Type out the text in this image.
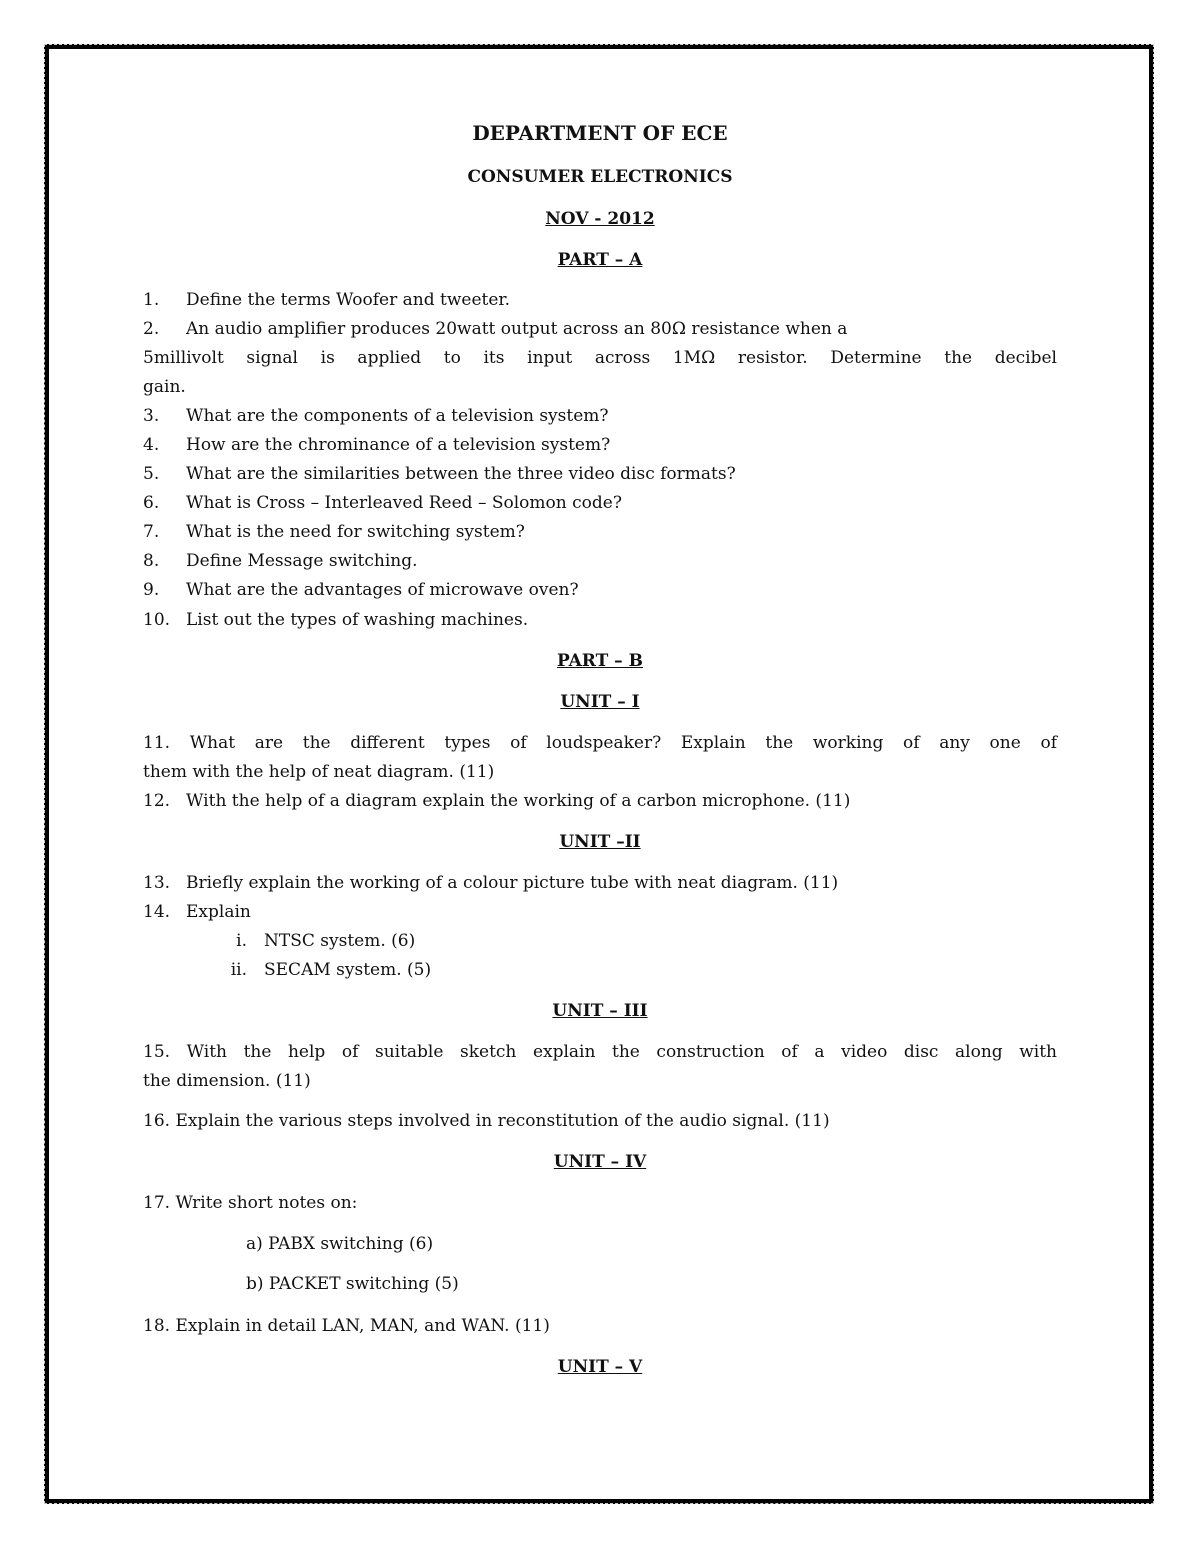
DEPARTMENT OF ECE
CONSUMER ELECTRONICS
NOV - 2012
PART – A
1. Define the terms Woofer and tweeter.
2. An audio amplifier produces 20watt output across an 80Ω resistance when a
5millivolt signal is applied to its input across 1MΩ resistor. Determine the decibel
gain.
3. What are the components of a television system?
4. How are the chrominance of a television system?
5. What are the similarities between the three video disc formats?
6. What is Cross – Interleaved Reed – Solomon code?
7. What is the need for switching system?
8. Define Message switching.
9. What are the advantages of microwave oven?
10. List out the types of washing machines.
PART – B
UNIT – I
11. What are the different types of loudspeaker? Explain the working of any one of
them with the help of neat diagram. (11)
12. With the help of a diagram explain the working of a carbon microphone. (11)
UNIT –II
13. Briefly explain the working of a colour picture tube with neat diagram. (11)
14. Explain
i. NTSC system. (6)
ii. SECAM system. (5)
UNIT – III
15. With the help of suitable sketch explain the construction of a video disc along with
the dimension. (11)
16. Explain the various steps involved in reconstitution of the audio signal. (11)
UNIT – IV
17. Write short notes on:
a) PABX switching (6)
b) PACKET switching (5)
18. Explain in detail LAN, MAN, and WAN. (11)
UNIT – V
